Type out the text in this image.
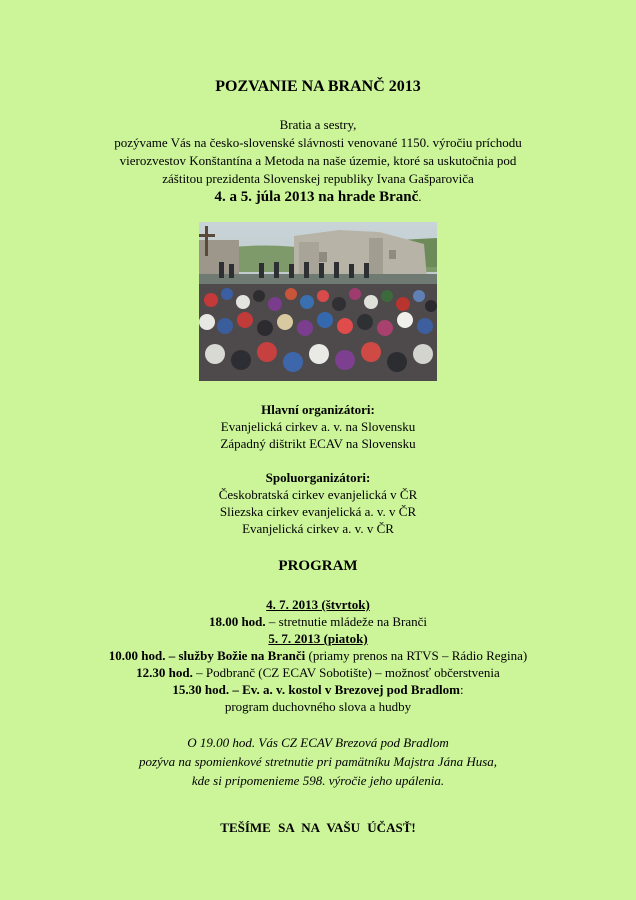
POZVANIE NA BRANČ 2013
Bratia a sestry,
pozývame Vás na česko-slovenské slávnosti venované 1150. výročiu príchodu
vierozvestov Konštantína a Metoda na naše územie, ktoré sa uskutočnia pod
záštitou prezidenta Slovenskej republiky Ivana Gašparoviča
4. a 5. júla 2013 na hrade Branč.
Hlavní organizátori:
Evanjelická cirkev a. v. na Slovensku
Západný dištrikt ECAV na Slovensku
Spoluorganizátori:
Českobratská cirkev evanjelická v ČR
Sliezska cirkev evanjelická a. v. v ČR
Evanjelická cirkev a. v. v ČR
PROGRAM
4. 7. 2013 (štvrtok)
18.00 hod. – stretnutie mládeže na Branči
5. 7. 2013 (piatok)
10.00 hod. – služby Božie na Branči (priamy prenos na RTVS – Rádio Regina)
12.30 hod. – Podbranč (CZ ECAV Sobotište) – možnosť občerstvenia
15.30 hod. – Ev. a. v. kostol v Brezovej pod Bradlom:
program duchovného slova a hudby
O 19.00 hod. Vás CZ ECAV Brezová pod Bradlom
pozýva na spomienkové stretnutie pri pamätníku Majstra Jána Husa,
kde si pripomenieme 598. výročie jeho upálenia.
TEŠÍME SA NA VAŠU ÚČASŤ!
